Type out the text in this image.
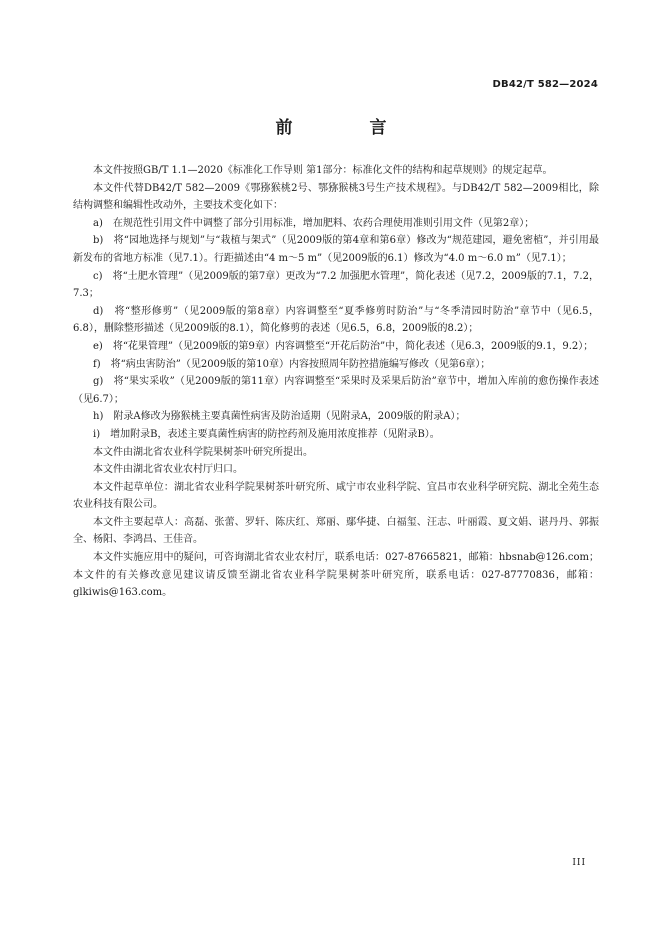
DB42/T 582—2024
前　言

本文件按照GB/T 1.1—2020《标准化工作导则 第1部分：标准化文件的结构和起草规则》的规定起草。

本文件代替DB42/T 582—2009《鄂猕猴桃2号、鄂猕猴桃3号生产技术规程》。与DB42/T 582—2009相比，除结构调整和编辑性改动外，主要技术变化如下：

a)　在规范性引用文件中调整了部分引用标准，增加肥料、农药合理使用准则引用文件（见第2章）；
b)　将“园地选择与规划”与“栽植与架式”（见2009版的第4章和第6章）修改为“规范建园，避免密植”，并引用最新发布的省地方标准（见7.1）。行距描述由“4 m～5 m”（见2009版的6.1）修改为“4.0 m～6.0 m”（见7.1）；
c)　将“土肥水管理”（见2009版的第7章）更改为“7.2 加强肥水管理”，简化表述（见7.2，2009版的7.1，7.2，7.3；
d)　将“整形修剪”（见2009版的第8章）内容调整至“夏季修剪时防治”与“冬季清园时防治”章节中（见6.5，6.8），删除整形描述（见2009版的8.1），简化修剪的表述（见6.5，6.8，2009版的8.2）；
e)　将“花果管理”（见2009版的第9章）内容调整至“开花后防治”中，简化表述（见6.3，2009版的9.1，9.2）；
f)　将“病虫害防治”（见2009版的第10章）内容按照周年防控措施编写修改（见第6章）；
g)　将“果实采收”（见2009版的第11章）内容调整至“采果时及采果后防治”章节中，增加入库前的愈伤操作表述（见6.7）；
h)　附录A修改为猕猴桃主要真菌性病害及防治适期（见附录A，2009版的附录A）；
i)　增加附录B，表述主要真菌性病害的防控药剂及施用浓度推荐（见附录B）。

本文件由湖北省农业科学院果树茶叶研究所提出。

本文件由湖北省农业农村厅归口。

本文件起草单位：湖北省农业科学院果树茶叶研究所、咸宁市农业科学院、宜昌市农业科学研究院、湖北全苑生态农业科技有限公司。

本文件主要起草人：高磊、张蕾、罗轩、陈庆红、郑丽、鄢华捷、白福玺、汪志、叶丽霞、夏文娟、谌丹丹、郭振全、杨阳、李鸿昌、王佳音。

本文件实施应用中的疑问，可咨询湖北省农业农村厅，联系电话：027-87665821，邮箱：hbsnab@126.com；本文件的有关修改意见建议请反馈至湖北省农业科学院果树茶叶研究所，联系电话：027-87770836，邮箱：glkiwis@163.com。

III
